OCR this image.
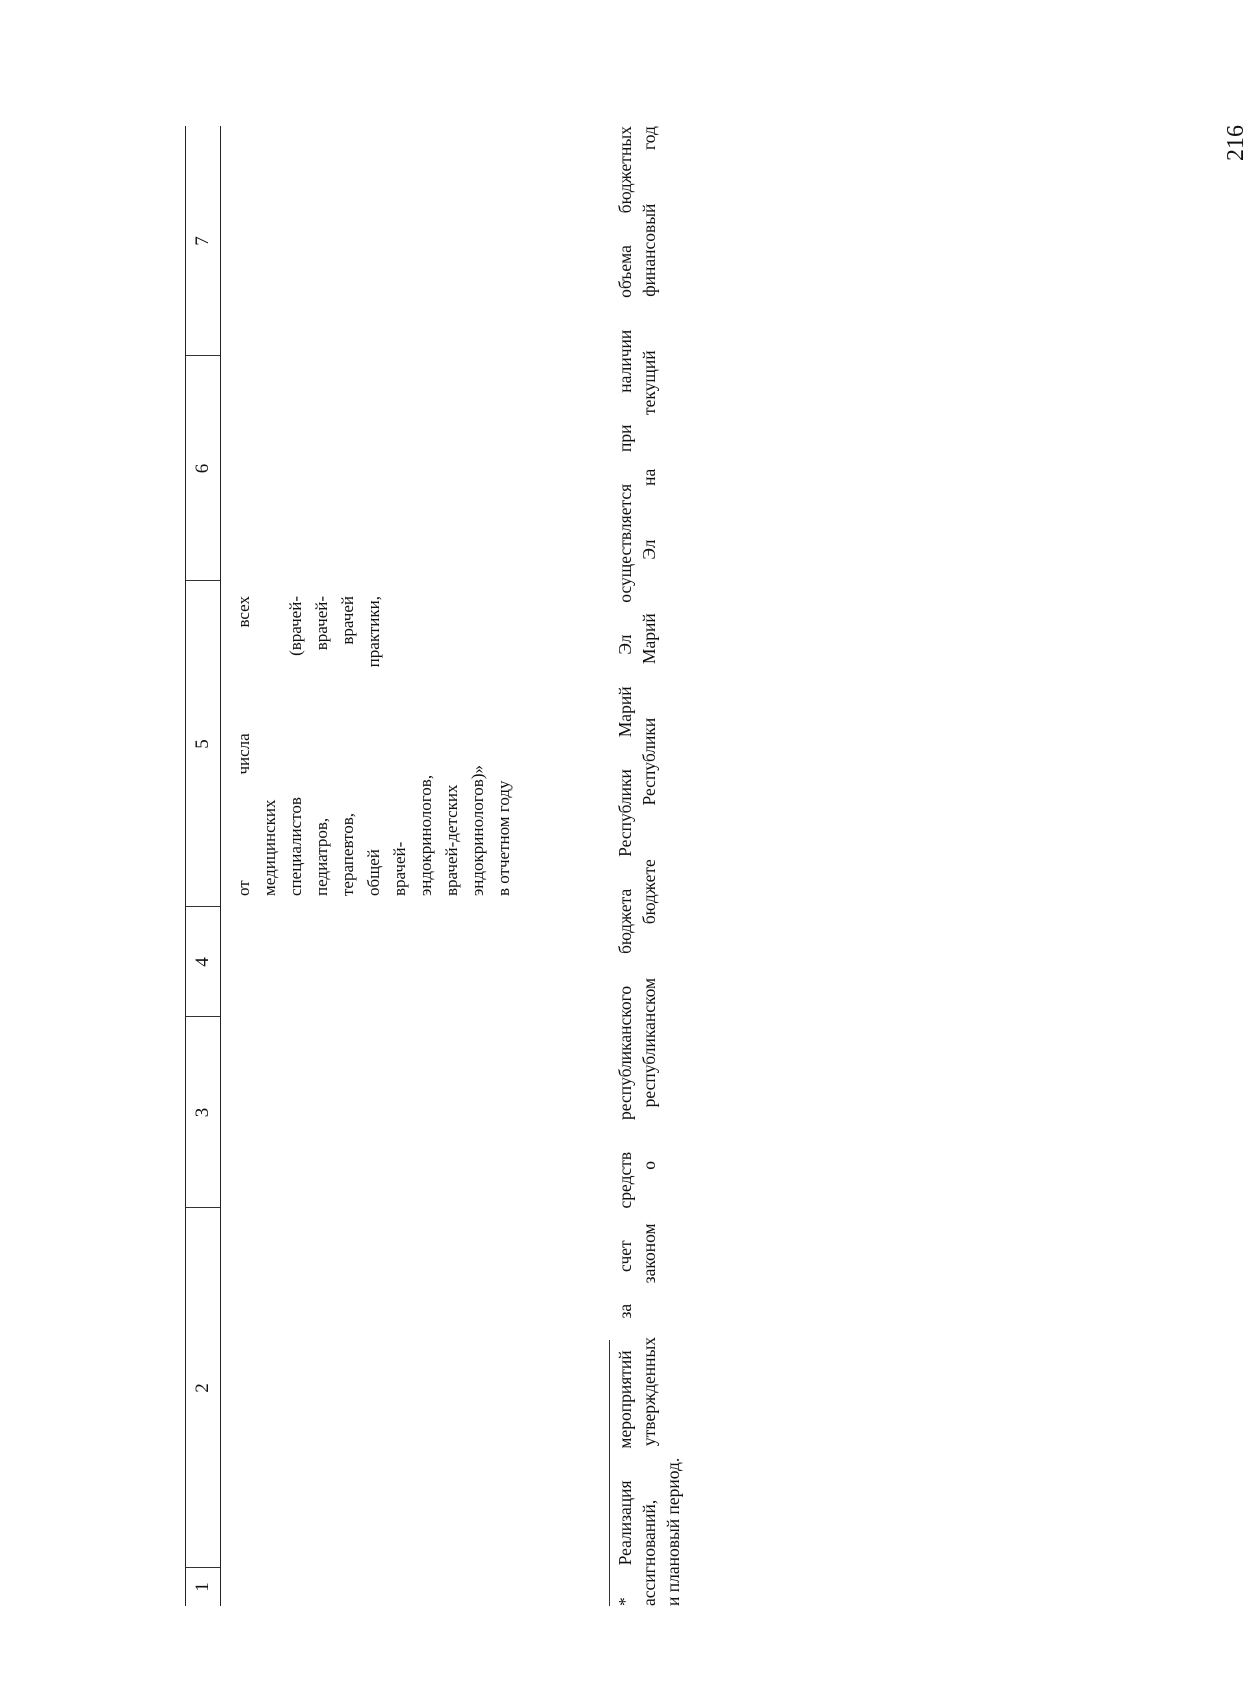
216
1
2
3
4
5
6
7
от
числа
всех
медицинских специалистов
(врачей-
педиатров,
врачей-
терапевтов,
врачей
общей
практики,
врачей- эндокринологов, врачей-детских эндокринологов)» в отчетном году
*
Реализация
мероприятий
за
счет
средств
республиканского
бюджета
Республики
Марий
Эл
осуществляется
при
наличии
объема
бюджетных
ассигнований,
утвержденных
законом
о
республиканском
бюджете
Республики
Марий
Эл
на
текущий
финансовый
год
и плановый период.
